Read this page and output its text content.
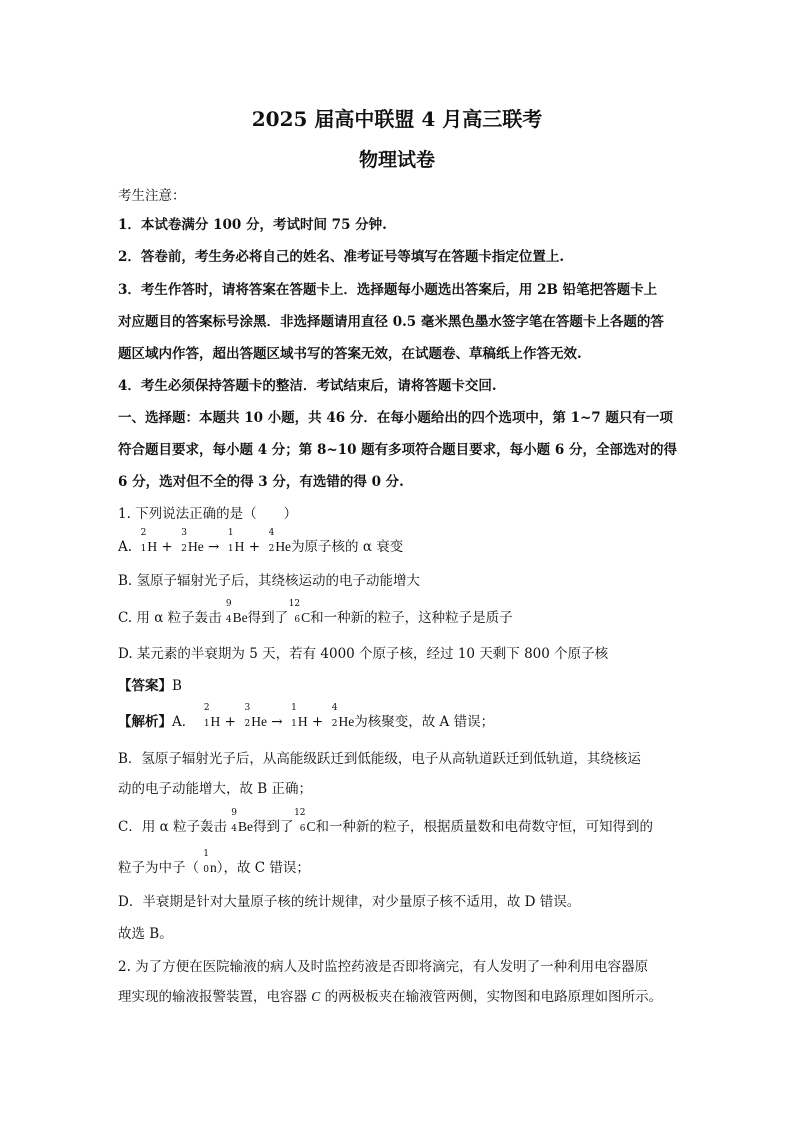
2025 届高中联盟 4 月高三联考
物理试卷
考生注意：
1．本试卷满分 100 分，考试时间 75 分钟.
2．答卷前，考生务必将自己的姓名、准考证号等填写在答题卡指定位置上.
3．考生作答时，请将答案在答题卡上．选择题每小题选出答案后，用 2B 铅笔把答题卡上
对应题目的答案标号涂黑．非选择题请用直径 0.5 毫米黑色墨水签字笔在答题卡上各题的答
题区域内作答，超出答题区域书写的答案无效，在试题卷、草稿纸上作答无效.
4．考生必须保持答题卡的整洁．考试结束后，请将答题卡交回.
一、选择题：本题共 10 小题，共 46 分．在每小题给出的四个选项中，第 1~7 题只有一项
符合题目要求，每小题 4 分；第 8~10 题有多项符合题目要求，每小题 6 分，全部选对的得
6 分，选对但不全的得 3 分，有选错的得 0 分.
1. 下列说法正确的是（　　）
A.
2
1 H +
3
2 He →
1
1 H +
4
2 He为原子核的 α 衰变
B. 氢原子辐射光子后，其绕核运动的电子动能增大
C. 用 α 粒子轰击
9
4 Be得到了
12
6 C和一种新的粒子，这种粒子是质子
D. 某元素的半衰期为 5 天，若有 4000 个原子核，经过 10 天剩下 800 个原子核
【答案】B
【解析】A．
2
1 H +
3
2 He →
1
1 H +
4
2 He为核聚变，故 A 错误；
B．氢原子辐射光子后，从高能级跃迁到低能级，电子从高轨道跃迁到低轨道，其绕核运
动的电子动能增大，故 B 正确；
C．用 α 粒子轰击
9
4 Be得到了
12
6 C和一种新的粒子，根据质量数和电荷数守恒，可知得到的
粒子为中子（
1
0 n），故 C 错误；
D．半衰期是针对大量原子核的统计规律，对少量原子核不适用，故 D 错误。
故选 B。
2. 为了方便在医院输液的病人及时监控药液是否即将滴完，有人发明了一种利用电容器原
理实现的输液报警装置，电容器 C 的两极板夹在输液管两侧，实物图和电路原理如图所示。
